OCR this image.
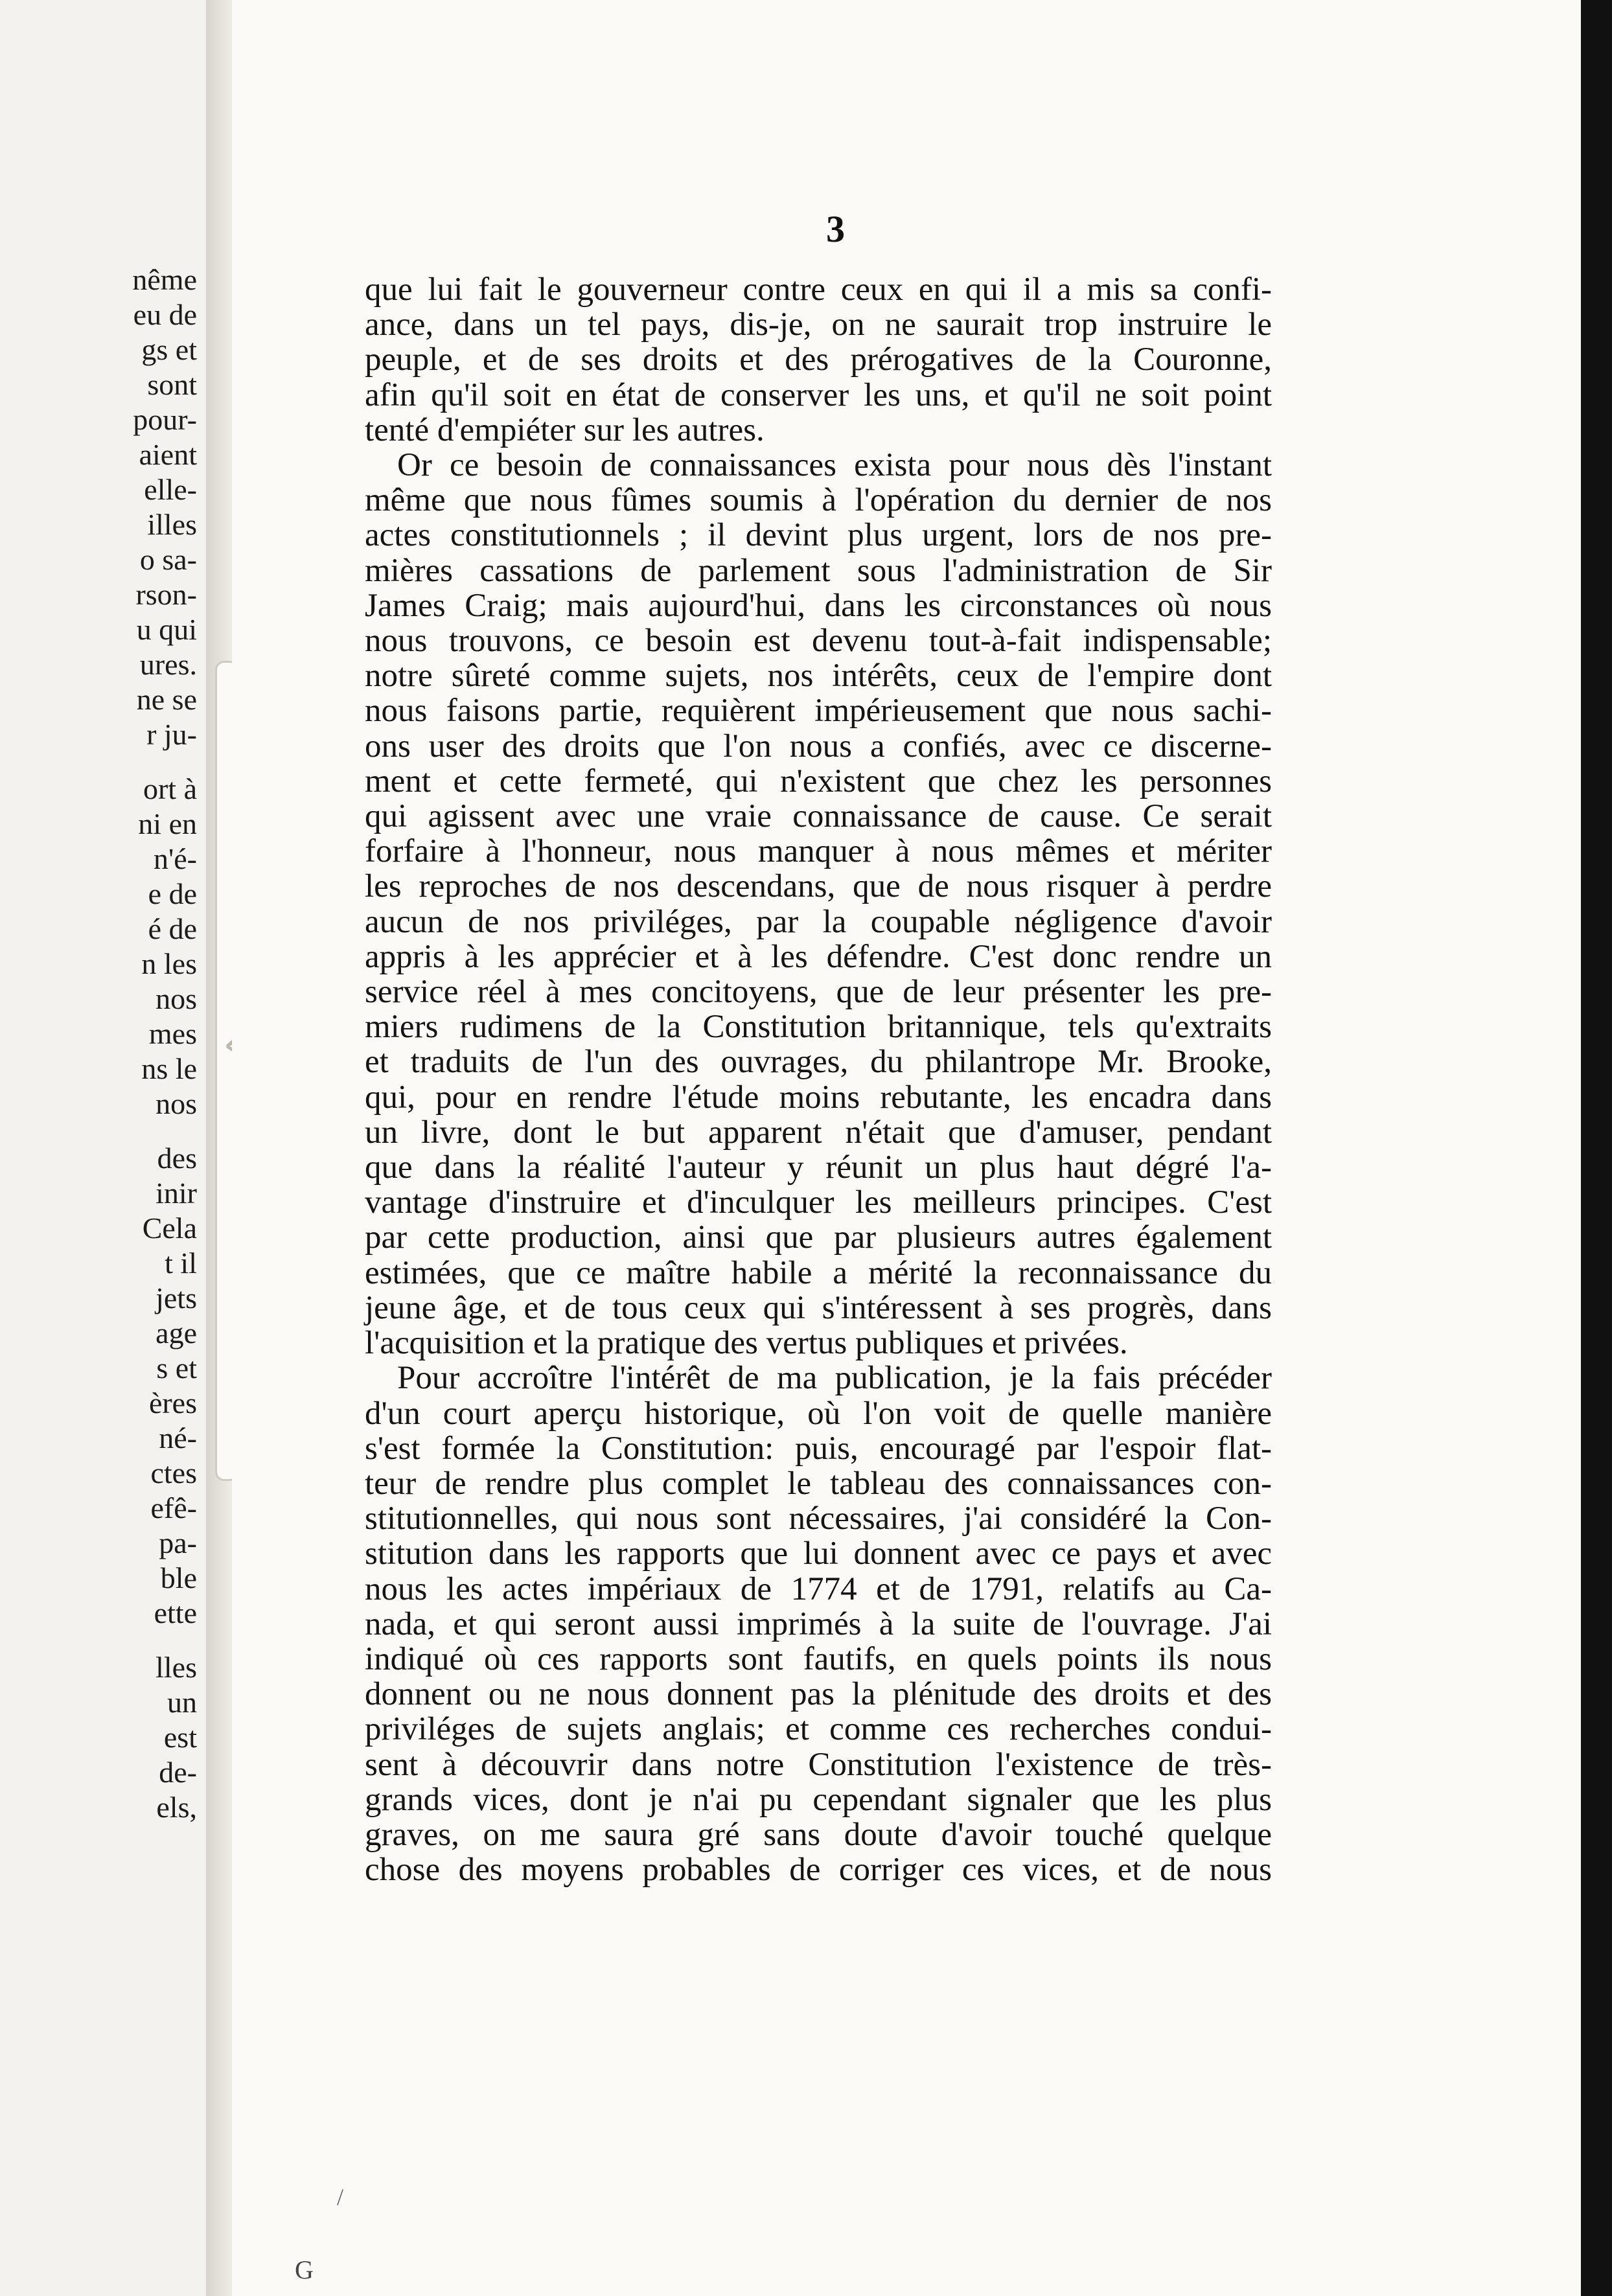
nême
eu de
gs et
sont
pour-
aient
elle-
illes
o sa-
rson-
u qui
ures.
ne se
r ju-
ort à
ni en
n'é-
e de
é de
n les
nos
mes
ns le
nos
des
inir
Cela
t il
jets
age
s et
ères
né-
ctes
efê-
pa-
ble
ette
lles
un
est
de-
els,
3
que lui fait le gouverneur contre ceux en qui il a mis sa confi-
ance, dans un tel pays, dis-je, on ne saurait trop instruire le
peuple, et de ses droits et des prérogatives de la Couronne,
afin qu'il soit en état de conserver les uns, et qu'il ne soit point
tenté d'empiéter sur les autres.
Or ce besoin de connaissances exista pour nous dès l'instant
même que nous fûmes soumis à l'opération du dernier de nos
actes constitutionnels ; il devint plus urgent, lors de nos pre-
mières cassations de parlement sous l'administration de Sir
James Craig; mais aujourd'hui, dans les circonstances où nous
nous trouvons, ce besoin est devenu tout-à-fait indispensable;
notre sûreté comme sujets, nos intérêts, ceux de l'empire dont
nous faisons partie, requièrent impérieusement que nous sachi-
ons user des droits que l'on nous a confiés, avec ce discerne-
ment et cette fermeté, qui n'existent que chez les personnes
qui agissent avec une vraie connaissance de cause. Ce serait
forfaire à l'honneur, nous manquer à nous mêmes et mériter
les reproches de nos descendans, que de nous risquer à perdre
aucun de nos priviléges, par la coupable négligence d'avoir
appris à les apprécier et à les défendre. C'est donc rendre un
service réel à mes concitoyens, que de leur présenter les pre-
miers rudimens de la Constitution britannique, tels qu'extraits
et traduits de l'un des ouvrages, du philantrope Mr. Brooke,
qui, pour en rendre l'étude moins rebutante, les encadra dans
un livre, dont le but apparent n'était que d'amuser, pendant
que dans la réalité l'auteur y réunit un plus haut dégré l'a-
vantage d'instruire et d'inculquer les meilleurs principes. C'est
par cette production, ainsi que par plusieurs autres également
estimées, que ce maître habile a mérité la reconnaissance du
jeune âge, et de tous ceux qui s'intéressent à ses progrès, dans
l'acquisition et la pratique des vertus publiques et privées.
Pour accroître l'intérêt de ma publication, je la fais précéder
d'un court aperçu historique, où l'on voit de quelle manière
s'est formée la Constitution: puis, encouragé par l'espoir flat-
teur de rendre plus complet le tableau des connaissances con-
stitutionnelles, qui nous sont nécessaires, j'ai considéré la Con-
stitution dans les rapports que lui donnent avec ce pays et avec
nous les actes impériaux de 1774 et de 1791, relatifs au Ca-
nada, et qui seront aussi imprimés à la suite de l'ouvrage. J'ai
indiqué où ces rapports sont fautifs, en quels points ils nous
donnent ou ne nous donnent pas la plénitude des droits et des
priviléges de sujets anglais; et comme ces recherches condui-
sent à découvrir dans notre Constitution l'existence de très-
grands vices, dont je n'ai pu cependant signaler que les plus
graves, on me saura gré sans doute d'avoir touché quelque
chose des moyens probables de corriger ces vices, et de nous
/
G
